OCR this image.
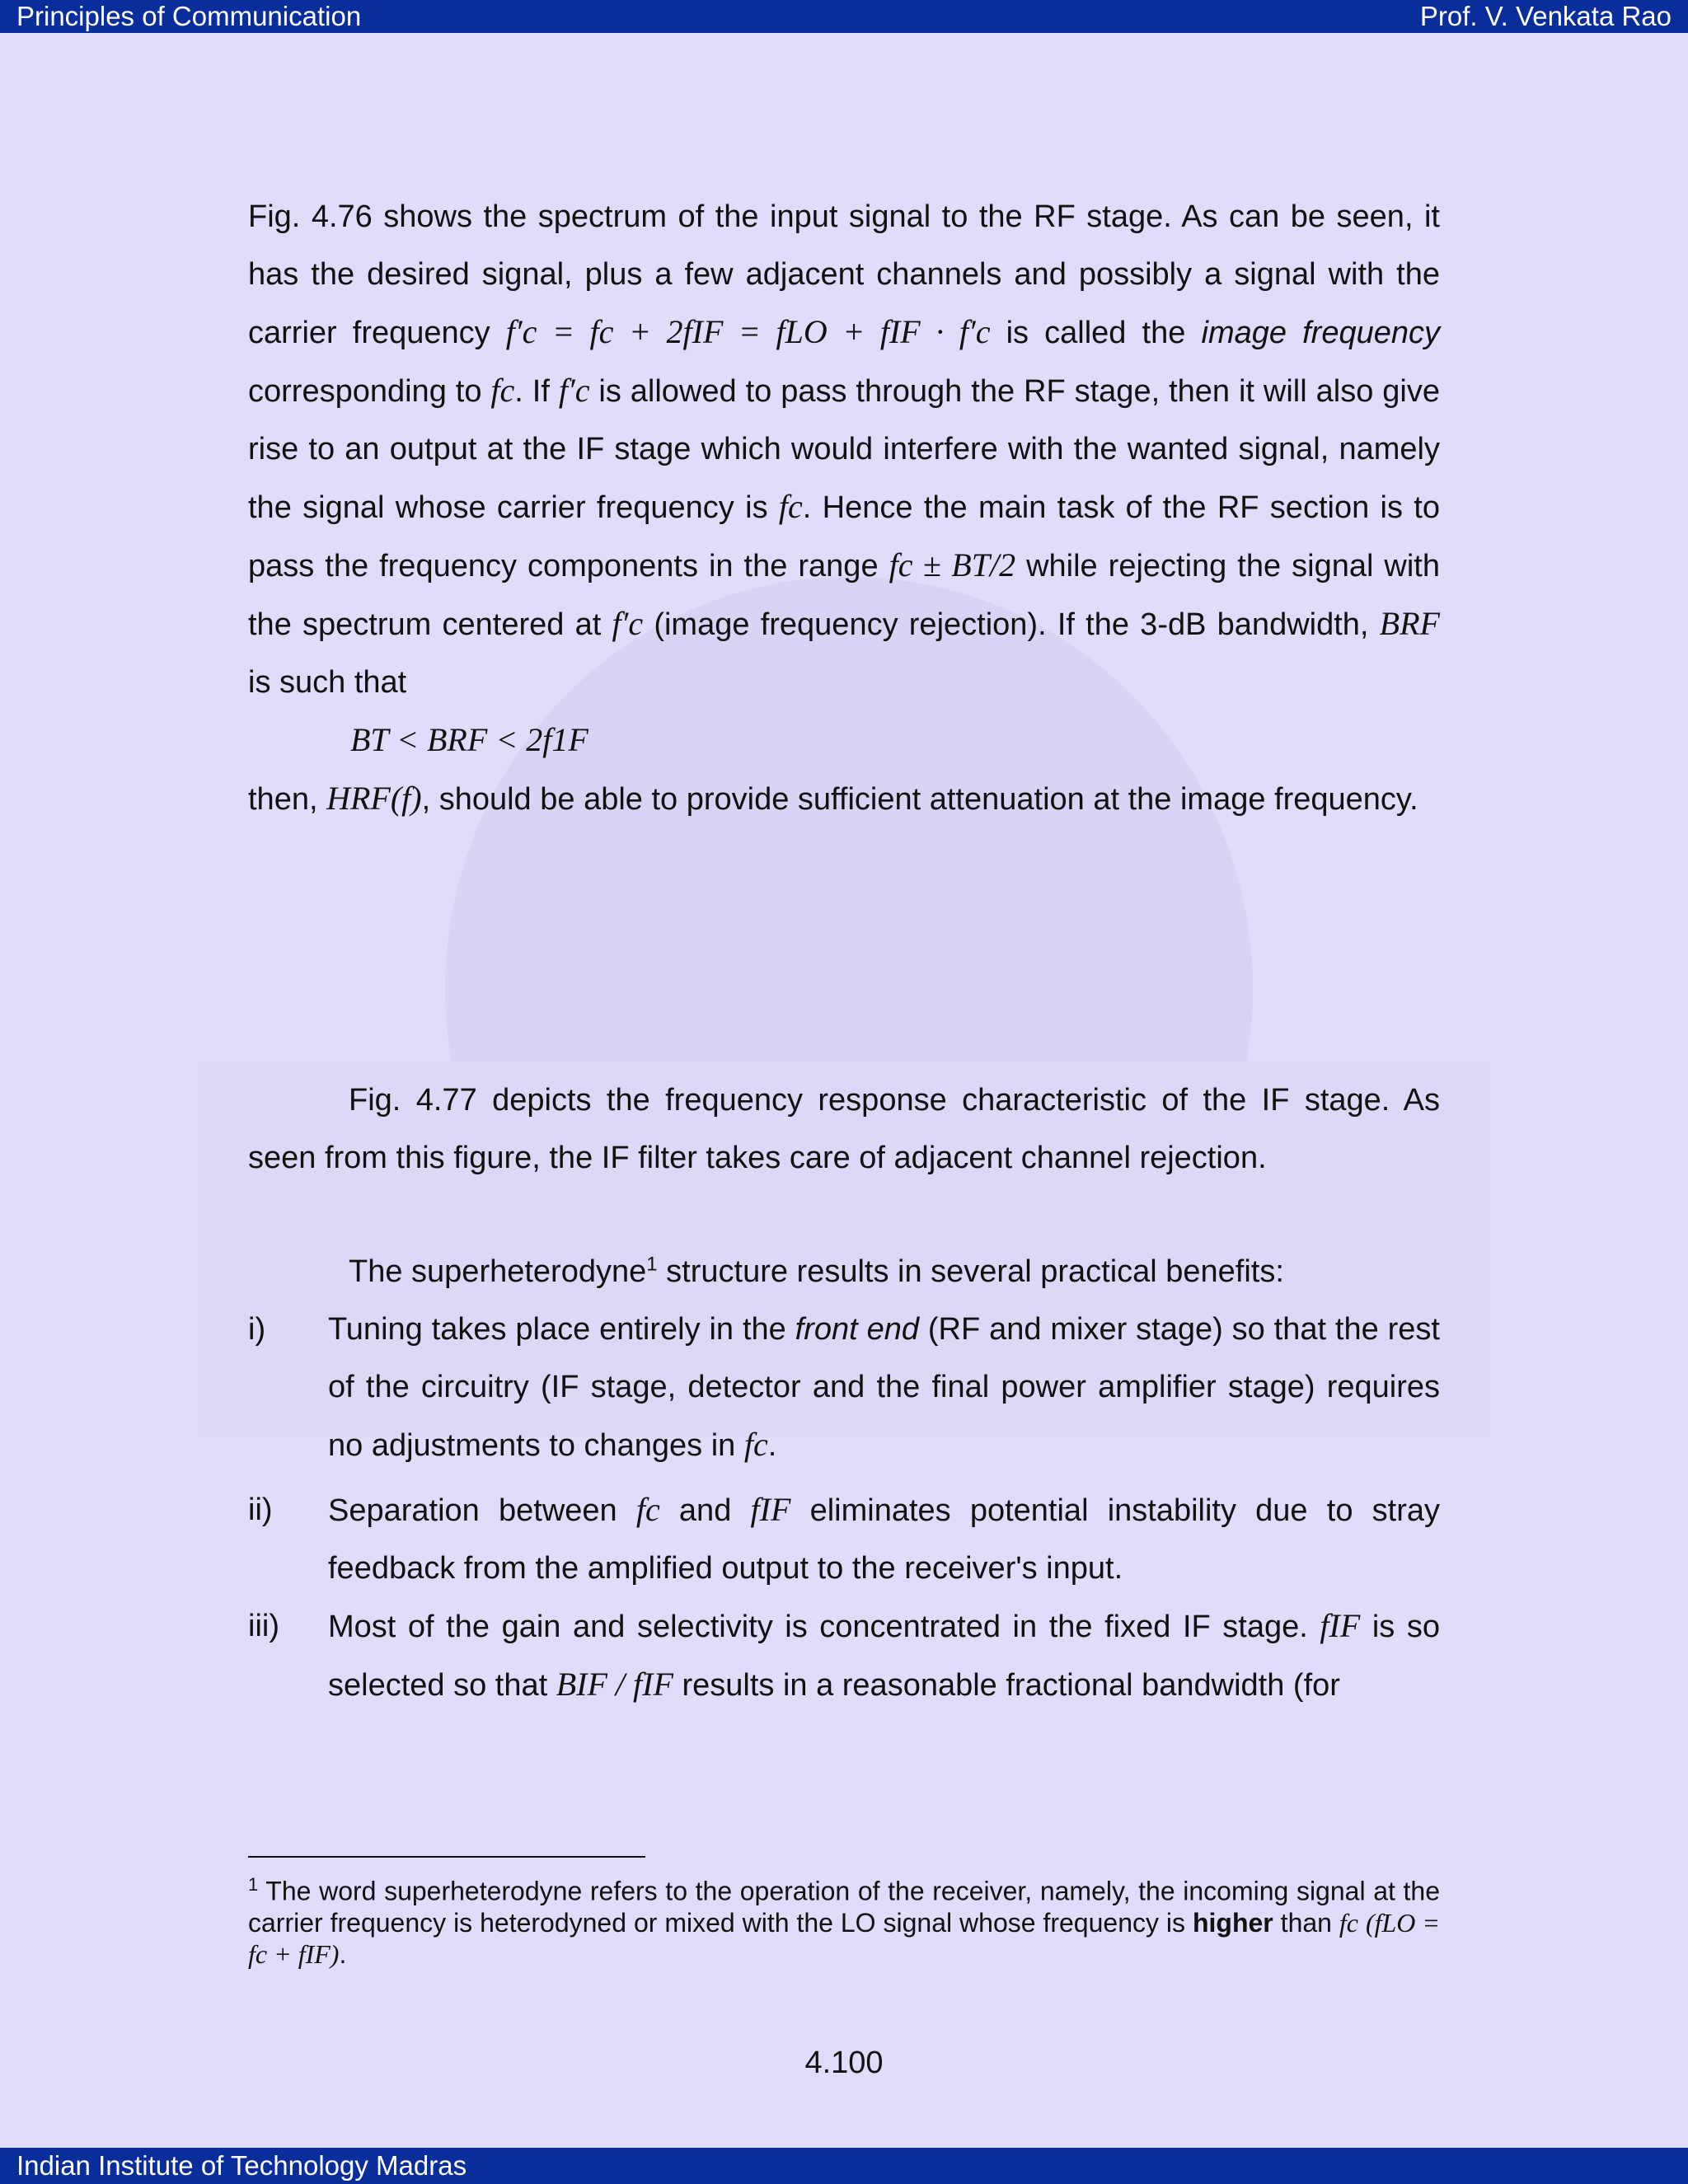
Principles of Communication	Prof. V. Venkata Rao

Fig. 4.76 shows the spectrum of the input signal to the RF stage. As can be seen, it has the desired signal, plus a few adjacent channels and possibly a signal with the carrier frequency f′c = fc + 2fIF = fLO + fIF · f′c is called the image frequency corresponding to fc. If f′c is allowed to pass through the RF stage, then it will also give rise to an output at the IF stage which would interfere with the wanted signal, namely the signal whose carrier frequency is fc. Hence the main task of the RF section is to pass the frequency components in the range fc ± BT/2 while rejecting the signal with the spectrum centered at f′c (image frequency rejection). If the 3-dB bandwidth, BRF is such that

BT < BRF < 2f1F

then, HRF(f), should be able to provide sufficient attenuation at the image frequency.

Fig. 4.77 depicts the frequency response characteristic of the IF stage. As seen from this figure, the IF filter takes care of adjacent channel rejection.

The superheterodyne$^1$ structure results in several practical benefits:

i) Tuning takes place entirely in the front end (RF and mixer stage) so that the rest of the circuitry (IF stage, detector and the final power amplifier stage) requires no adjustments to changes in fc.
ii) Separation between fc and fIF eliminates potential instability due to stray feedback from the amplified output to the receiver's input.
iii) Most of the gain and selectivity is concentrated in the fixed IF stage. fIF is so selected so that BIF / fIF results in a reasonable fractional bandwidth (for
$^1$ The word superheterodyne refers to the operation of the receiver, namely, the incoming signal at the carrier frequency is heterodyned or mixed with the LO signal whose frequency is higher than fc (fLO = fc + fIF).
4.100
Indian Institute of Technology Madras
